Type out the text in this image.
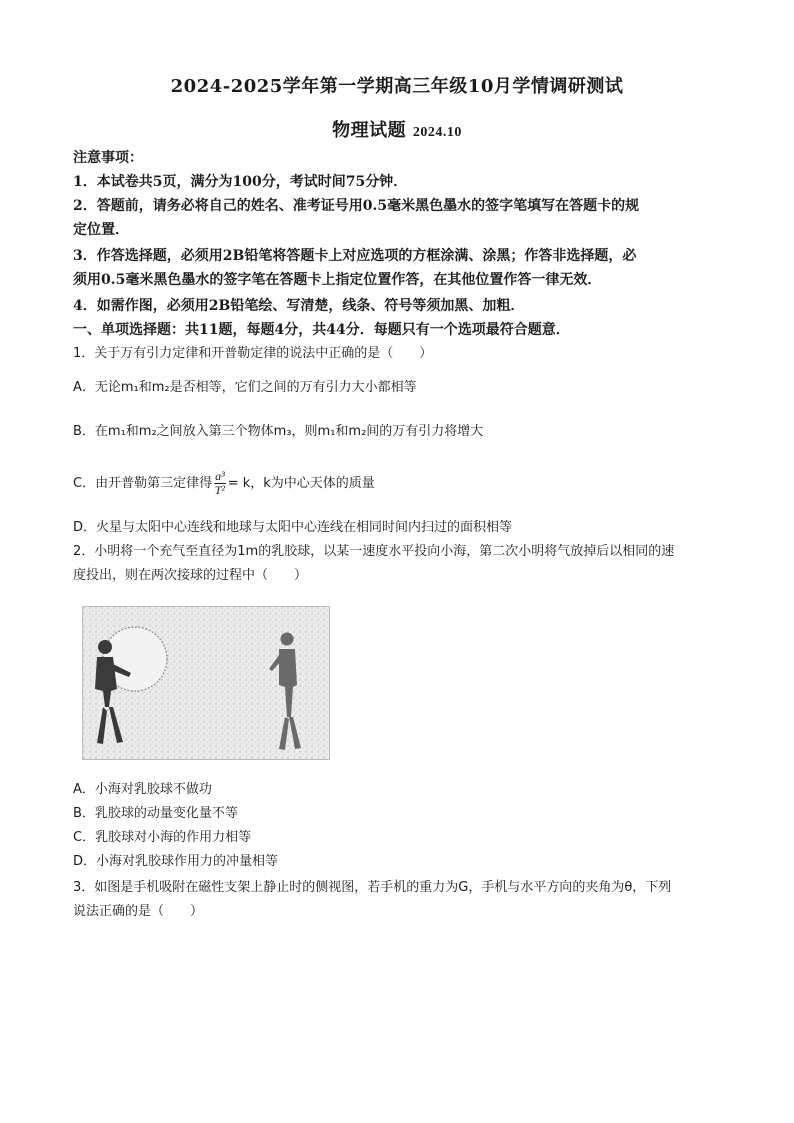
2024-2025学年第一学期高三年级10月学情调研测试
物理试题 2024.10
注意事项：
1．本试卷共5页，满分为100分，考试时间75分钟．
2．答题前，请务必将自己的姓名、准考证号用0.5毫米黑色墨水的签字笔填写在答题卡的规
定位置．
3．作答选择题，必须用2B铅笔将答题卡上对应选项的方框涂满、涂黑；作答非选择题，必
须用0.5毫米黑色墨水的签字笔在答题卡上指定位置作答，在其他位置作答一律无效．
4．如需作图，必须用2B铅笔绘、写清楚，线条、符号等须加黑、加粗．
一、单项选择题：共11题，每题4分，共44分．每题只有一个选项最符合题意．
1．关于万有引力定律和开普勒定律的说法中正确的是（　　）
A．无论m₁和m₂是否相等，它们之间的万有引力大小都相等
B．在m₁和m₂之间放入第三个物体m₃，则m₁和m₂间的万有引力将增大
C．由开普勒第三定律得 $\frac{\text{a³}}{\text{T²}} = k$，k为中心天体的质量
D．火星与太阳中心连线和地球与太阳中心连线在相同时间内扫过的面积相等
2．小明将一个充气至直径为1m的乳胶球，以某一速度水平投向小海，第二次小明将气放掉后以相同的速
度投出，则在两次接球的过程中（　　）
A．小海对乳胶球不做功
B．乳胶球的动量变化量不等
C．乳胶球对小海的作用力相等
D．小海对乳胶球作用力的冲量相等
3．如图是手机吸附在磁性支架上静止时的侧视图，若手机的重力为G，手机与水平方向的夹角为θ，下列
说法正确的是（　　）
